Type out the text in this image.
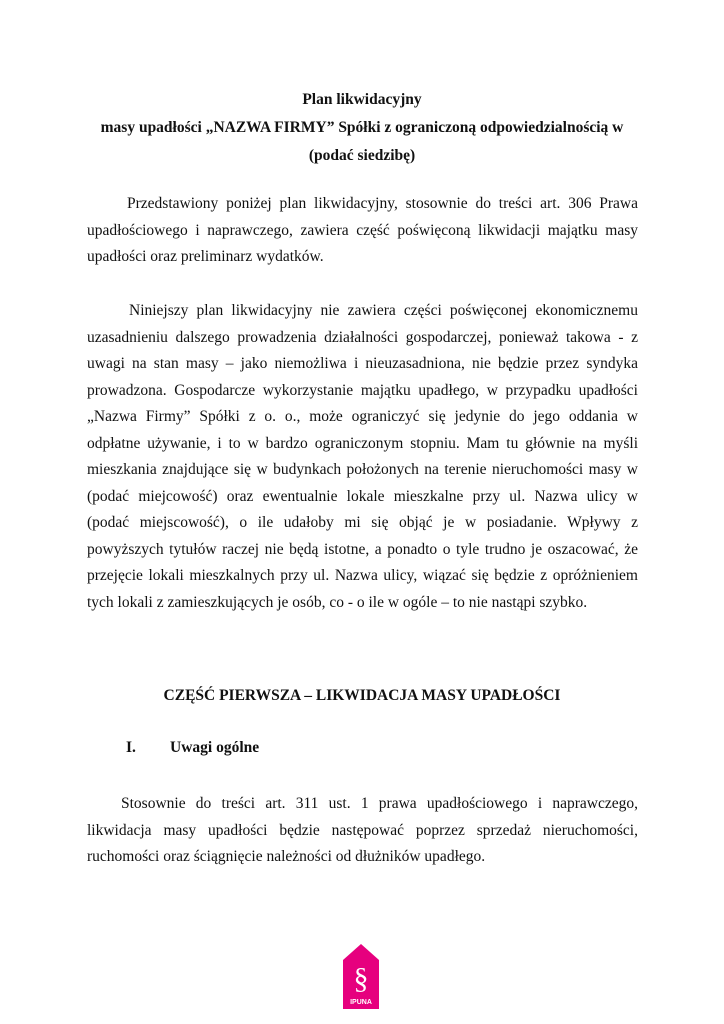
Plan likwidacyjny
masy upadłości „NAZWA FIRMY” Spółki z ograniczoną odpowiedzialnością w
(podać siedzibę)
Przedstawiony poniżej plan likwidacyjny, stosownie do treści art. 306 Prawa
upadłościowego i naprawczego, zawiera część poświęconą likwidacji majątku masy
upadłości oraz preliminarz wydatków.
Niniejszy plan likwidacyjny nie zawiera części poświęconej ekonomicznemu
uzasadnieniu dalszego prowadzenia działalności gospodarczej, ponieważ takowa - z
uwagi na stan masy – jako niemożliwa i nieuzasadniona, nie będzie przez syndyka
prowadzona. Gospodarcze wykorzystanie majątku upadłego, w przypadku upadłości
„Nazwa Firmy” Spółki z o. o., może ograniczyć się jedynie do jego oddania w
odpłatne używanie, i to w bardzo ograniczonym stopniu. Mam tu głównie na myśli
mieszkania znajdujące się w budynkach położonych na terenie nieruchomości masy w
(podać miejcowość) oraz ewentualnie lokale mieszkalne przy ul. Nazwa ulicy w
(podać miejscowość), o ile udałoby mi się objąć je w posiadanie. Wpływy z
powyższych tytułów raczej nie będą istotne, a ponadto o tyle trudno je oszacować, że
przejęcie lokali mieszkalnych przy ul. Nazwa ulicy, wiązać się będzie z opróżnieniem
tych lokali z zamieszkujących je osób, co - o ile w ogóle – to nie nastąpi szybko.
CZĘŚĆ PIERWSZA – LIKWIDACJA MASY UPADŁOŚCI
I. Uwagi ogólne
Stosownie do treści art. 311 ust. 1 prawa upadłościowego i naprawczego,
likwidacja masy upadłości będzie następować poprzez sprzedaż nieruchomości,
ruchomości oraz ściągnięcie należności od dłużników upadłego.
§
IPUNA
